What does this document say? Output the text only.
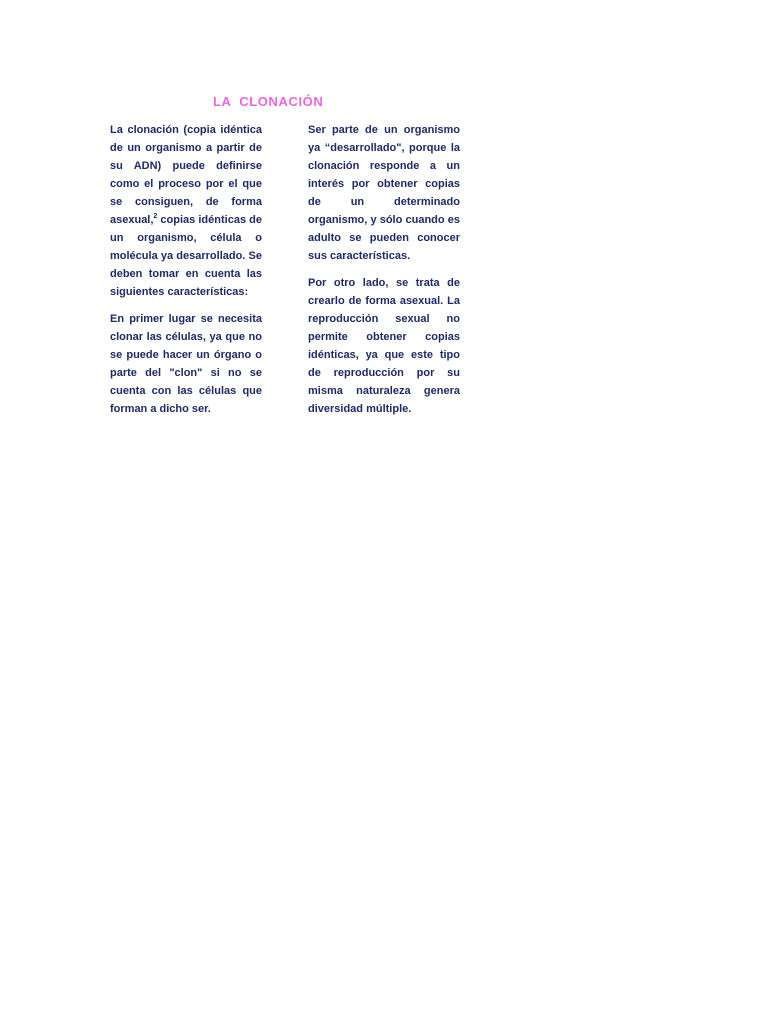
LA CLONACIÓN

La clonación (copia idéntica de un organismo a partir de su ADN) puede definirse como el proceso por el que se consiguen, de forma asexual,$^2$ copias idénticas de un organismo, célula o molécula ya desarrollado. Se deben tomar en cuenta las siguientes características:

En primer lugar se necesita clonar las células, ya que no se puede hacer un órgano o parte del "clon" si no se cuenta con las células que forman a dicho ser.

Ser parte de un organismo ya “desarrollado", porque la clonación responde a un interés por obtener copias de un determinado organismo, y sólo cuando es adulto se pueden conocer sus características.

Por otro lado, se trata de crearlo de forma asexual. La reproducción sexual no permite obtener copias idénticas, ya que este tipo de reproducción por su misma naturaleza genera diversidad múltiple.
